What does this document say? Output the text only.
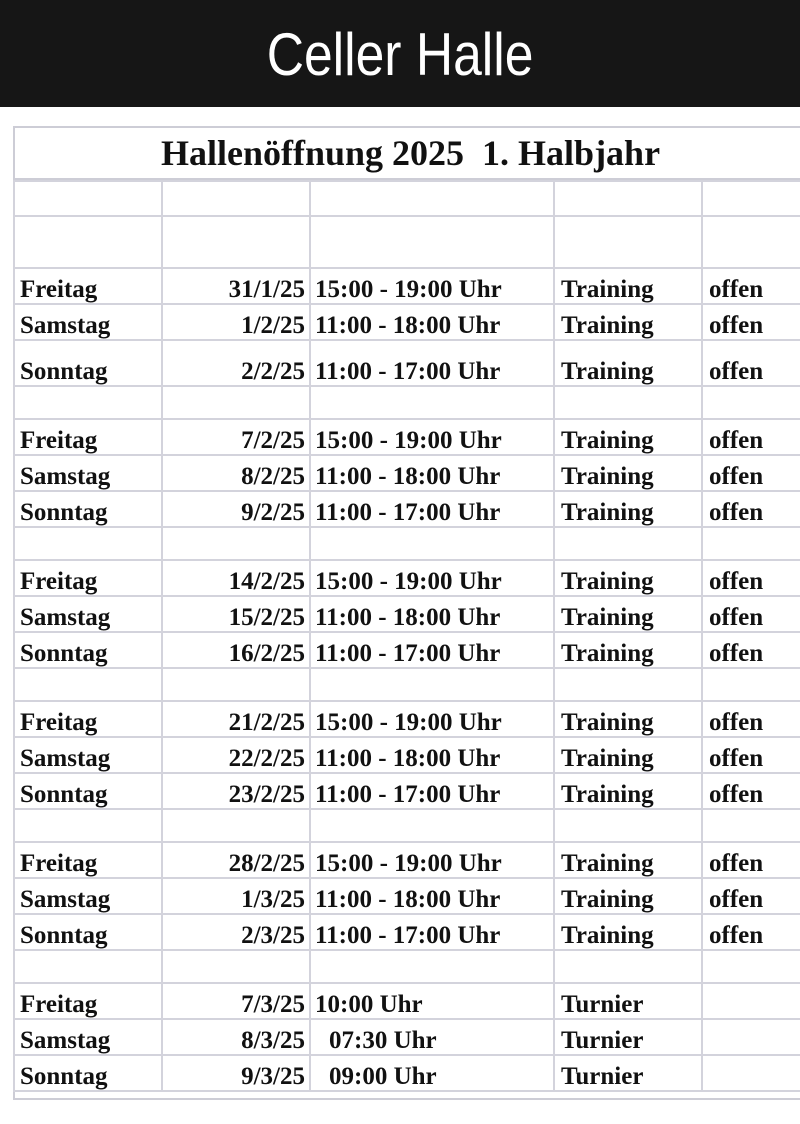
Celler Halle
Hallenöffnung 2025  1. Halbjahr

Freitag	31/1/25	15:00 - 19:00 Uhr	Training	offen
Samstag	1/2/25	11:00 - 18:00 Uhr	Training	offen
Sonntag	2/2/25	11:00 - 17:00 Uhr	Training	offen

Freitag	7/2/25	15:00 - 19:00 Uhr	Training	offen
Samstag	8/2/25	11:00 - 18:00 Uhr	Training	offen
Sonntag	9/2/25	11:00 - 17:00 Uhr	Training	offen

Freitag	14/2/25	15:00 - 19:00 Uhr	Training	offen
Samstag	15/2/25	11:00 - 18:00 Uhr	Training	offen
Sonntag	16/2/25	11:00 - 17:00 Uhr	Training	offen

Freitag	21/2/25	15:00 - 19:00 Uhr	Training	offen
Samstag	22/2/25	11:00 - 18:00 Uhr	Training	offen
Sonntag	23/2/25	11:00 - 17:00 Uhr	Training	offen

Freitag	28/2/25	15:00 - 19:00 Uhr	Training	offen
Samstag	1/3/25	11:00 - 18:00 Uhr	Training	offen
Sonntag	2/3/25	11:00 - 17:00 Uhr	Training	offen

Freitag	7/3/25	10:00 Uhr	Turnier	
Samstag	8/3/25	07:30 Uhr	Turnier	
Sonntag	9/3/25	09:00 Uhr	Turnier	
